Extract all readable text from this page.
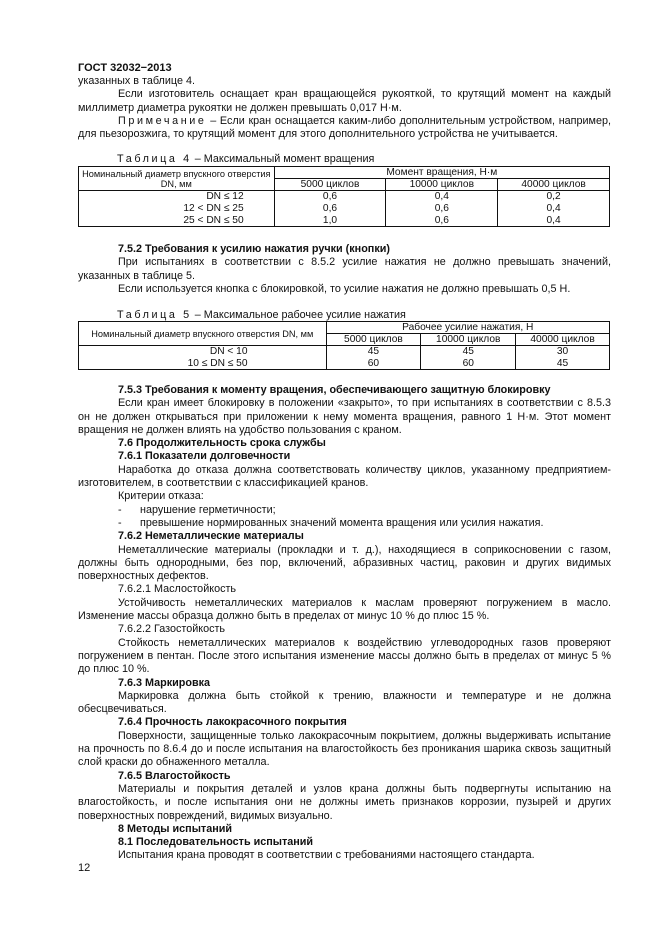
ГОСТ 32032−2013

указанных в таблице 4.

Если изготовитель оснащает кран вращающейся рукояткой, то крутящий момент на каждый миллиметр диаметра рукоятки не должен превышать 0,017 Н·м.

Примечание – Если кран оснащается каким-либо дополнительным устройством, например, для пьезорозжига, то крутящий момент для этого дополнительного устройства не учитывается.

Таблица 4 – Максимальный момент вращения
Номинальный диаметр впускного отверстия DN, мм	Момент вращения, Н·м		
	5000 циклов	10000 циклов	40000 циклов
DN ≤ 12	0,6	0,4	0,2
12 < DN ≤ 25	0,6	0,6	0,4
25 < DN ≤ 50	1,0	0,6	0,4

7.5.2 Требования к усилию нажатия ручки (кнопки)

При испытаниях в соответствии с 8.5.2 усилие нажатия не должно превышать значений, указанных в таблице 5.

Если используется кнопка с блокировкой, то усилие нажатия не должно превышать 0,5 Н.

Таблица 5 – Максимальное рабочее усилие нажатия
Номинальный диаметр впускного отверстия DN, мм	Рабочее усилие нажатия, Н		
	5000 циклов	10000 циклов	40000 циклов
DN < 10	45	45	30
10 ≤ DN ≤ 50	60	60	45

7.5.3 Требования к моменту вращения, обеспечивающего защитную блокировку

Если кран имеет блокировку в положении «закрыто», то при испытаниях в соответствии с 8.5.3 он не должен открываться при приложении к нему момента вращения, равного 1 Н·м. Этот момент вращения не должен влиять на удобство пользования с краном.

7.6 Продолжительность срока службы

7.6.1 Показатели долговечности

Наработка до отказа должна соответствовать количеству циклов, указанному предприятием-изготовителем, в соответствии с классификацией кранов.

Критерии отказа:

- нарушение герметичности;

- превышение нормированных значений момента вращения или усилия нажатия.

7.6.2 Неметаллические материалы

Неметаллические материалы (прокладки и т. д.), находящиеся в соприкосновении с газом, должны быть однородными, без пор, включений, абразивных частиц, раковин и других видимых поверхностных дефектов.

7.6.2.1 Маслостойкость

Устойчивость неметаллических материалов к маслам проверяют погружением в масло. Изменение массы образца должно быть в пределах от минус 10 % до плюс 15 %.

7.6.2.2 Газостойкость

Стойкость неметаллических материалов к воздействию углеводородных газов проверяют погружением в пентан. После этого испытания изменение массы должно быть в пределах от минус 5 % до плюс 10 %.

7.6.3 Маркировка

Маркировка должна быть стойкой к трению, влажности и температуре и не должна обесцвечиваться.

7.6.4 Прочность лакокрасочного покрытия

Поверхности, защищенные только лакокрасочным покрытием, должны выдерживать испытание на прочность по 8.6.4 до и после испытания на влагостойкость без проникания шарика сквозь защитный слой краски до обнаженного металла.

7.6.5 Влагостойкость

Материалы и покрытия деталей и узлов крана должны быть подвергнуты испытанию на влагостойкость, и после испытания они не должны иметь признаков коррозии, пузырей и других поверхностных повреждений, видимых визуально.

8 Методы испытаний

8.1 Последовательность испытаний

Испытания крана проводят в соответствии с требованиями настоящего стандарта.

12
